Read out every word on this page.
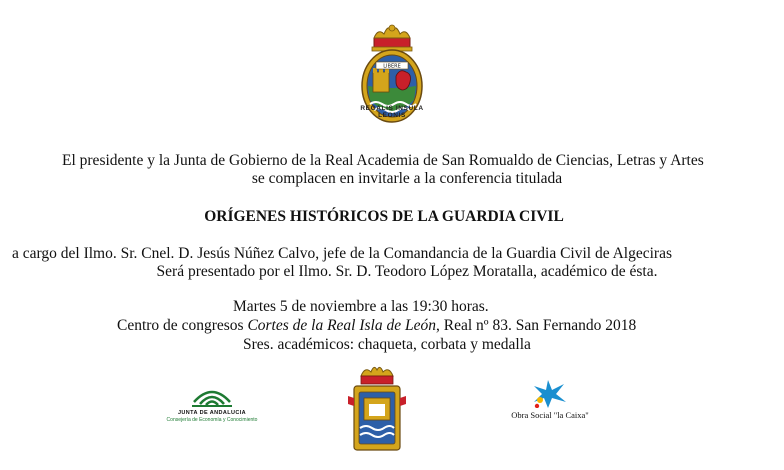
LIBERE
REGALIS INSULA LEONIS
El presidente y la Junta de Gobierno de la Real Academia de San Romualdo de Ciencias, Letras y Artes
se complacen en invitarle a la conferencia titulada
ORÍGENES HISTÓRICOS DE LA GUARDIA CIVIL
a cargo del Ilmo. Sr. Cnel. D. Jesús Núñez Calvo, jefe de la Comandancia de la Guardia Civil de Algeciras
Será presentado por el Ilmo. Sr. D. Teodoro López Moratalla, académico de ésta.
Martes 5 de noviembre a las 19:30 horas.
Centro de congresos Cortes de la Real Isla de León, Real nº 83. San Fernando 2018
Sres. académicos: chaqueta, corbata y medalla
JUNTA DE ANDALUCIA
Consejería de Economía y Conocimiento	Obra Social "la Caixa"
